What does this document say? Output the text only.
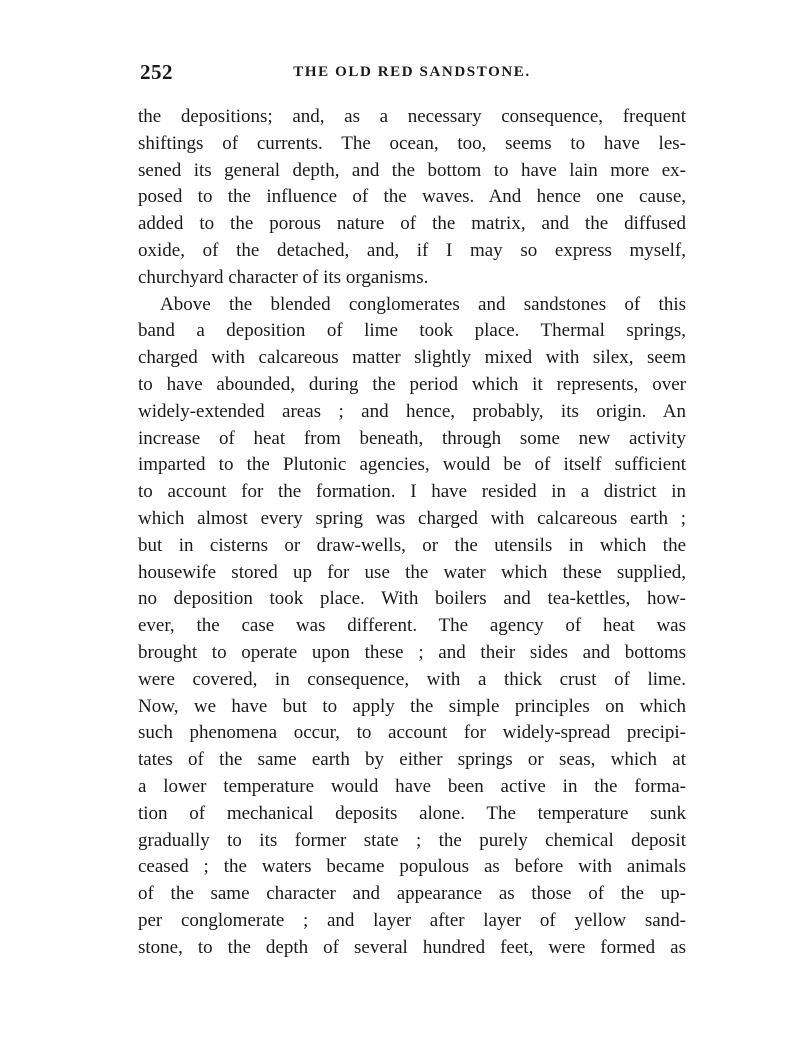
252	THE OLD RED SANDSTONE.
the depositions; and, as a necessary consequence, frequent
shiftings of currents. The ocean, too, seems to have les-
sened its general depth, and the bottom to have lain more ex-
posed to the influence of the waves. And hence one cause,
added to the porous nature of the matrix, and the diffused
oxide, of the detached, and, if I may so express myself,
churchyard character of its organisms.
Above the blended conglomerates and sandstones of this
band a deposition of lime took place. Thermal springs,
charged with calcareous matter slightly mixed with silex, seem
to have abounded, during the period which it represents, over
widely-extended areas ; and hence, probably, its origin. An
increase of heat from beneath, through some new activity
imparted to the Plutonic agencies, would be of itself sufficient
to account for the formation. I have resided in a district in
which almost every spring was charged with calcareous earth ;
but in cisterns or draw-wells, or the utensils in which the
housewife stored up for use the water which these supplied,
no deposition took place. With boilers and tea-kettles, how-
ever, the case was different. The agency of heat was
brought to operate upon these ; and their sides and bottoms
were covered, in consequence, with a thick crust of lime.
Now, we have but to apply the simple principles on which
such phenomena occur, to account for widely-spread precipi-
tates of the same earth by either springs or seas, which at
a lower temperature would have been active in the forma-
tion of mechanical deposits alone. The temperature sunk
gradually to its former state ; the purely chemical deposit
ceased ; the waters became populous as before with animals
of the same character and appearance as those of the up-
per conglomerate ; and layer after layer of yellow sand-
stone, to the depth of several hundred feet, were formed as
